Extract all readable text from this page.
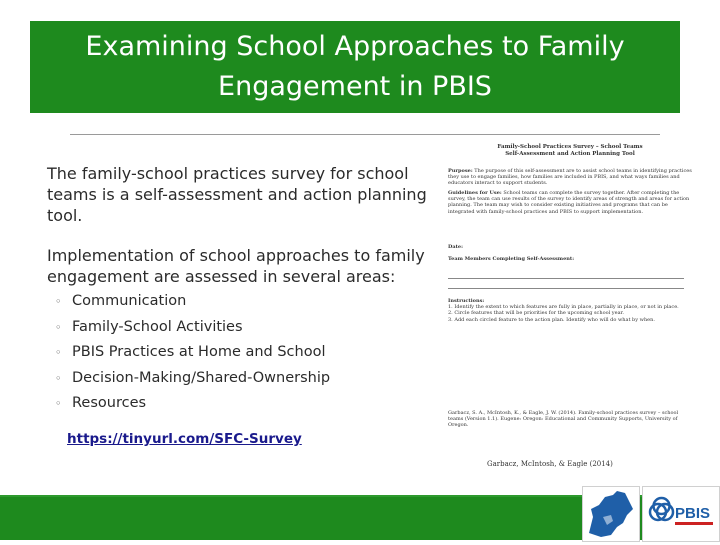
Examining School Approaches to Family
Engagement in PBIS
The family-school practices survey for school teams is a self-assessment and action planning tool.
Implementation of school approaches to family engagement are assessed in several areas:
◦ Communication
◦ Family-School Activities
◦ PBIS Practices at Home and School
◦ Decision-Making/Shared-Ownership
◦ Resources
https://tinyurl.com/SFC-Survey
Family-School Practices Survey – School Teams
Self-Assessment and Action Planning Tool

Purpose: The purpose of this self-assessment are to assist school teams in identifying practices they use to engage families, how families are included in PBIS, and what ways families and educators interact to support students.

Guidelines for Use: School teams can complete the survey together. After completing the survey, the team can use results of the survey to identify areas of strength and areas for action planning. The team may wish to consider existing initiatives and programs that can be integrated with family-school practices and PBIS to support implementation.

Date:

Team Members Completing Self-Assessment:

Instructions:

1. Identify the extent to which features are fully in place, partially in place, or not in place.

2. Circle features that will be priorities for the upcoming school year.

3. Add each circled feature to the action plan. Identify who will do what by when.

Garbacz, S. A., McIntosh, K., & Eagle, J. W. (2014). Family-school practices survey – school teams (Version 1.1). Eugene: Oregon: Educational and Community Supports, University of Oregon.

Garbacz, McIntosh, & Eagle (2014)
PBIS
